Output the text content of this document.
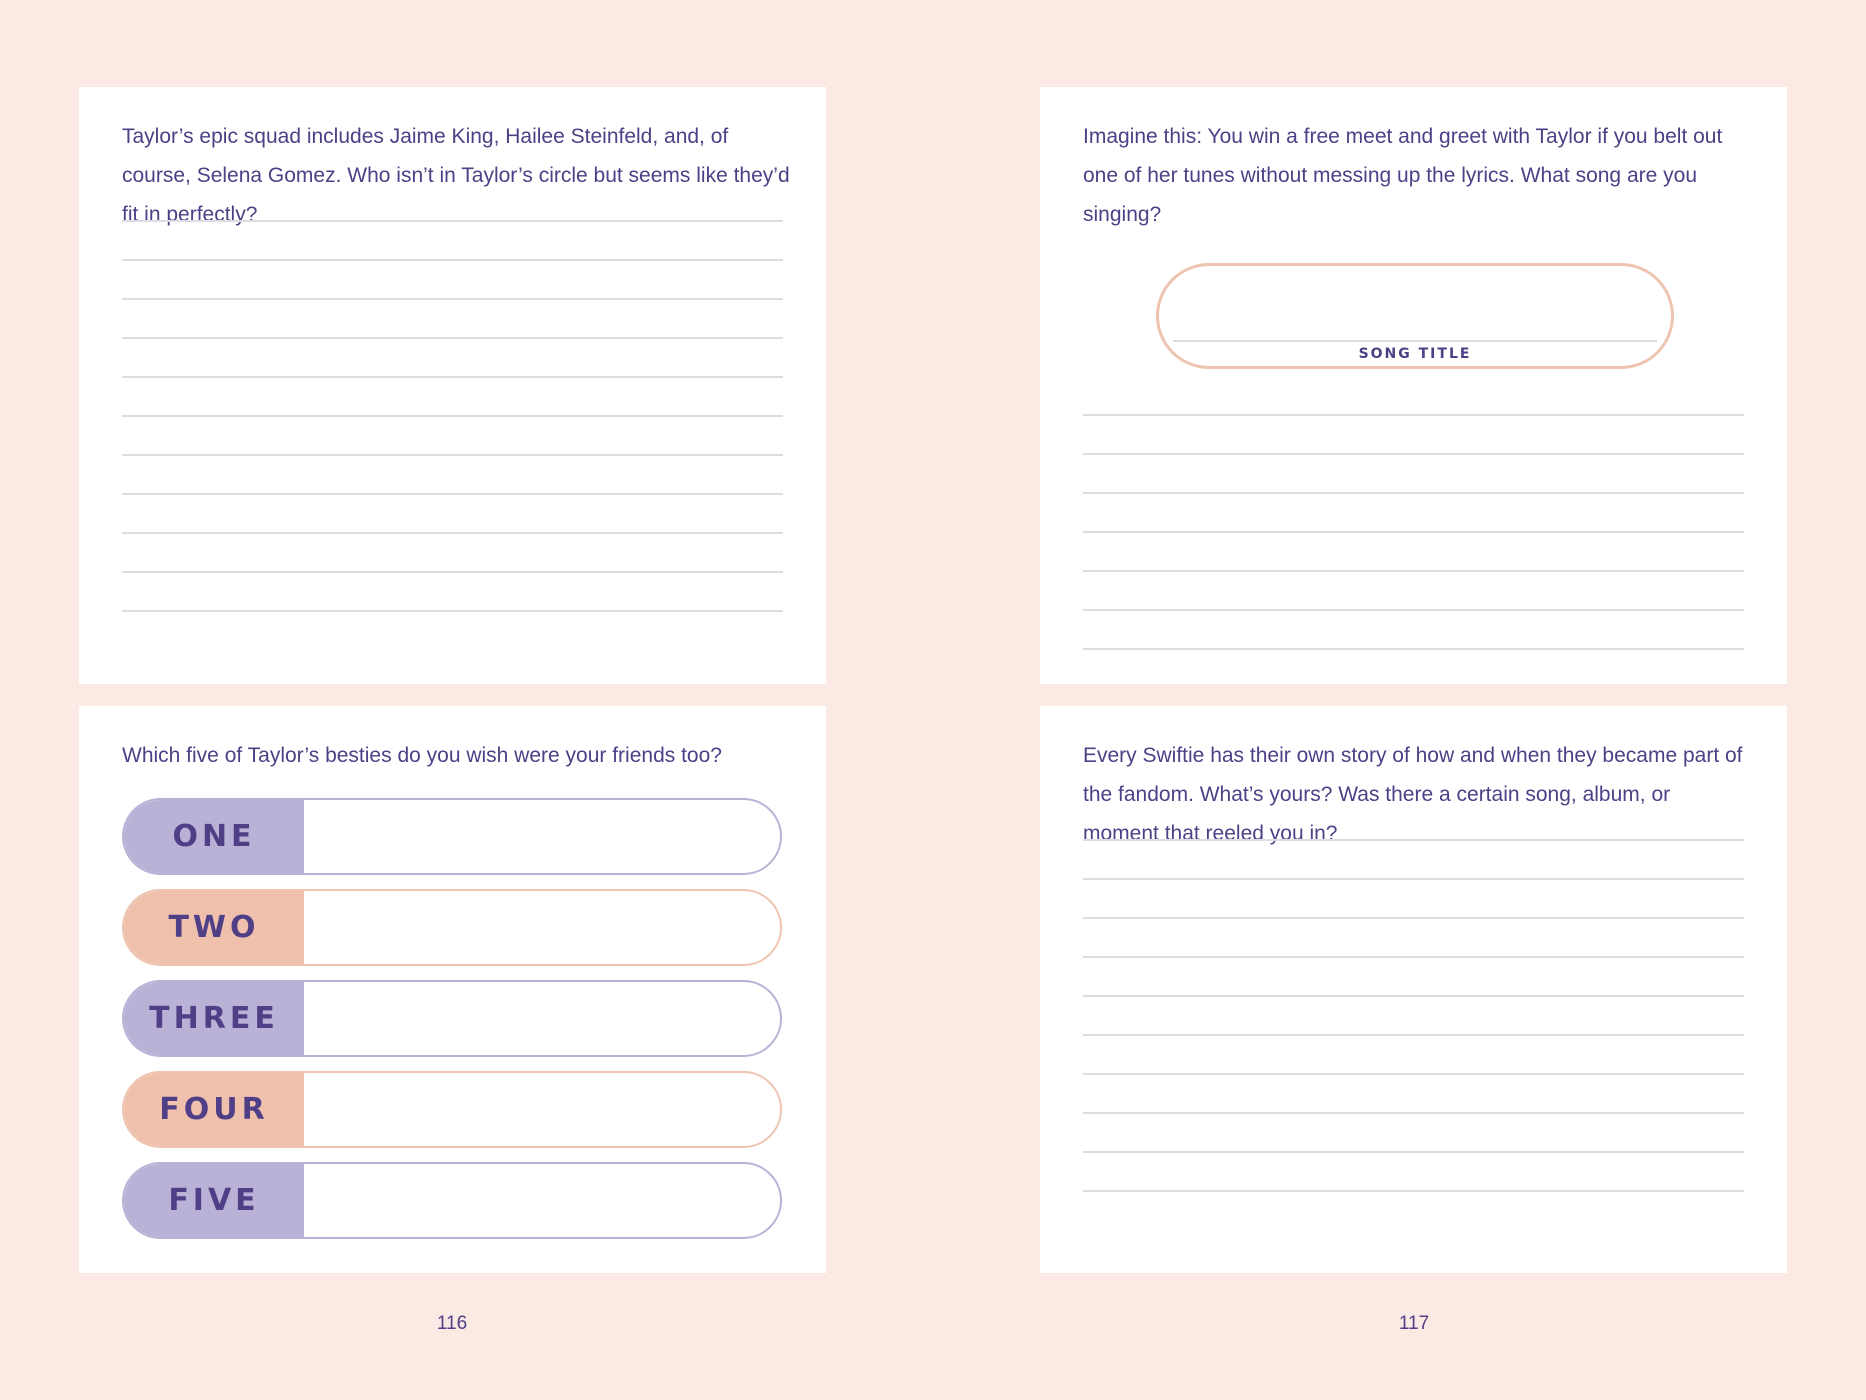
Taylor’s epic squad includes Jaime King, Hailee Steinfeld, and, of course, Selena Gomez. Who isn’t in Taylor’s circle but seems like they’d fit in perfectly?

Which five of Taylor’s besties do you wish were your friends too?

ONE
TWO
THREE
FOUR
FIVE
116

Imagine this: You win a free meet and greet with Taylor if you belt out one of her tunes without messing up the lyrics. What song are you singing?

SONG TITLE

Every Swiftie has their own story of how and when they became part of the fandom. What’s yours? Was there a certain song, album, or moment that reeled you in?

117
